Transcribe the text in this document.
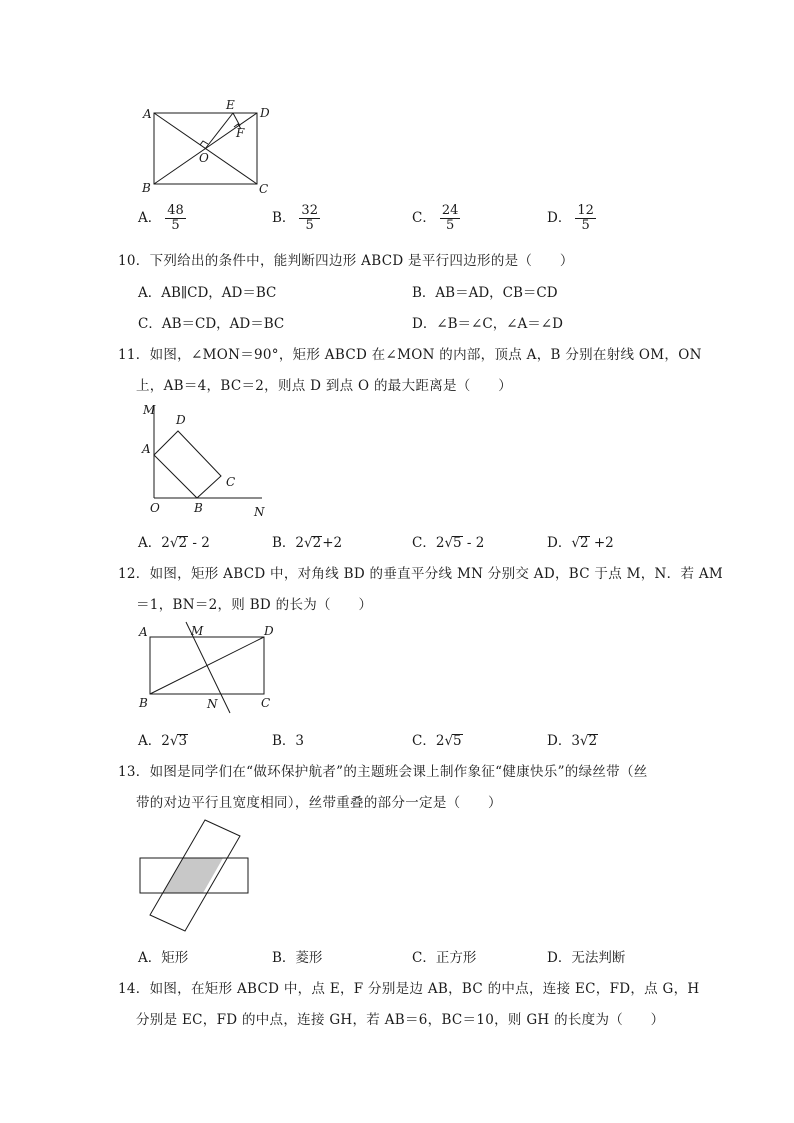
A
E
D
F
O
B	C
A． $\frac{48}{5}$	B． $\frac{32}{5}$	C． $\frac{24}{5}$	D． $\frac{12}{5}$
10．下列给出的条件中，能判断四边形 ABCD 是平行四边形的是（　　）
A．AB∥CD，AD＝BC	B．AB＝AD，CB＝CD
C．AB＝CD，AD＝BC	D．∠B＝∠C，∠A＝∠D
11．如图，∠MON＝90°，矩形 ABCD 在∠MON 的内部，顶点 A，B 分别在射线 OM，ON
上，AB＝4，BC＝2，则点 D 到点 O 的最大距离是（　　）
M
D
A
C
O	B	N
A．2√2 - 2	B．2√2+2	C．2√5 - 2	D．√2 +2
12．如图，矩形 ABCD 中，对角线 BD 的垂直平分线 MN 分别交 AD，BC 于点 M，N．若 AM
＝1，BN＝2，则 BD 的长为（　　）
A	M	D
B	N	C
A．2√3	B．3	C．2√5	D．3√2
13．如图是同学们在“做环保护航者”的主题班会课上制作象征“健康快乐”的绿丝带（丝
带的对边平行且宽度相同），丝带重叠的部分一定是（　　）
A．矩形	B．菱形	C．正方形	D．无法判断
14．如图，在矩形 ABCD 中，点 E，F 分别是边 AB，BC 的中点，连接 EC，FD，点 G，H
分别是 EC，FD 的中点，连接 GH，若 AB＝6，BC＝10，则 GH 的长度为（　　）
